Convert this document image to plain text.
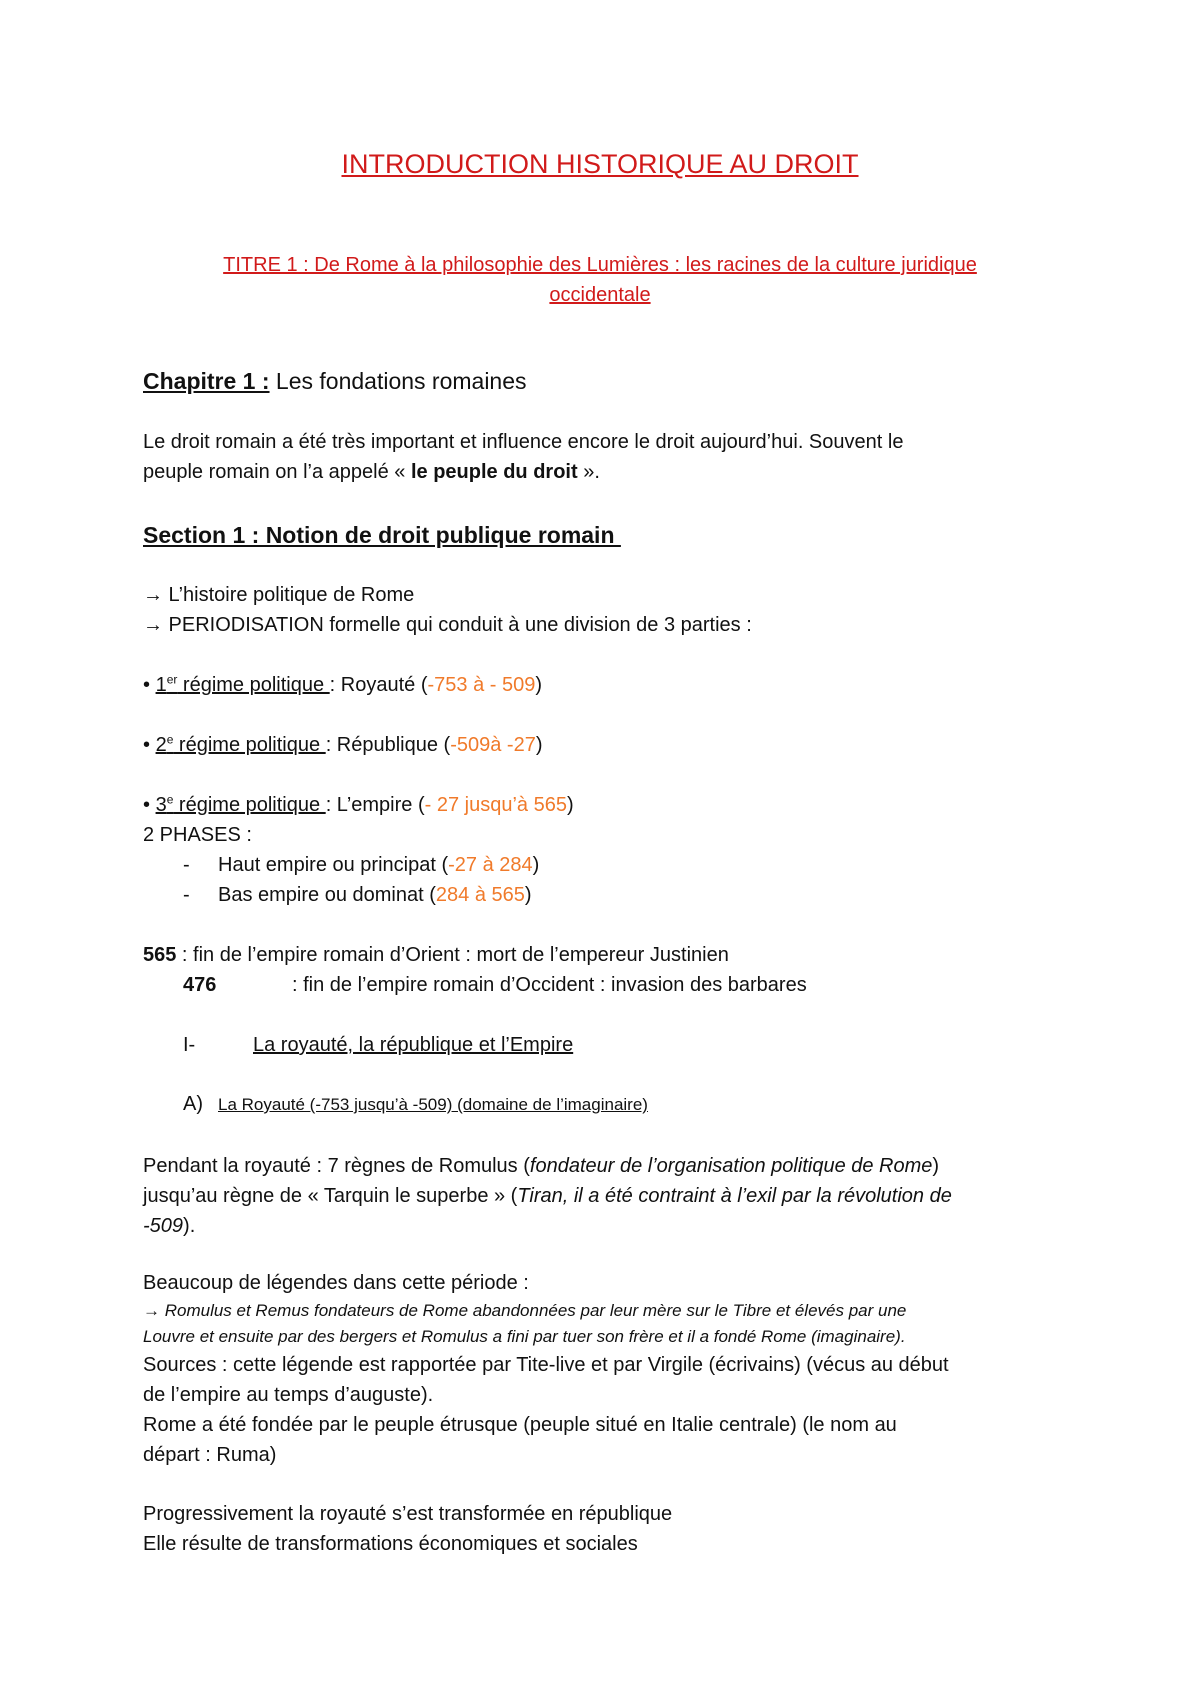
INTRODUCTION HISTORIQUE AU DROIT
TITRE 1 : De Rome à la philosophie des Lumières : les racines de la culture juridique
occidentale
Chapitre 1 : Les fondations romaines
Le droit romain a été très important et influence encore le droit aujourd’hui. Souvent le
peuple romain on l’a appelé « le peuple du droit ».
Section 1 : Notion de droit publique romain
→ L’histoire politique de Rome
→ PERIODISATION formelle qui conduit à une division de 3 parties :
• 1er régime politique : Royauté (-753 à - 509)
• 2e régime politique : République (-509à -27)
• 3e régime politique : L’empire (- 27 jusqu’à 565)
2 PHASES :
- Haut empire ou principat (-27 à 284)
- Bas empire ou dominat (284 à 565)
565 : fin de l’empire romain d’Orient : mort de l’empereur Justinien
476	: fin de l’empire romain d’Occident : invasion des barbares
I-	La royauté, la république et l’Empire
A) La Royauté (-753 jusqu’à -509) (domaine de l’imaginaire)
Pendant la royauté : 7 règnes de Romulus (fondateur de l’organisation politique de Rome)
jusqu’au règne de « Tarquin le superbe » (Tiran, il a été contraint à l’exil par la révolution de
-509).
Beaucoup de légendes dans cette période :
→ Romulus et Remus fondateurs de Rome abandonnées par leur mère sur le Tibre et élevés par une
Louvre et ensuite par des bergers et Romulus a fini par tuer son frère et il a fondé Rome (imaginaire).
Sources : cette légende est rapportée par Tite-live et par Virgile (écrivains) (vécus au début
de l’empire au temps d’auguste).
Rome a été fondée par le peuple étrusque (peuple situé en Italie centrale) (le nom au
départ : Ruma)
Progressivement la royauté s’est transformée en république
Elle résulte de transformations économiques et sociales
